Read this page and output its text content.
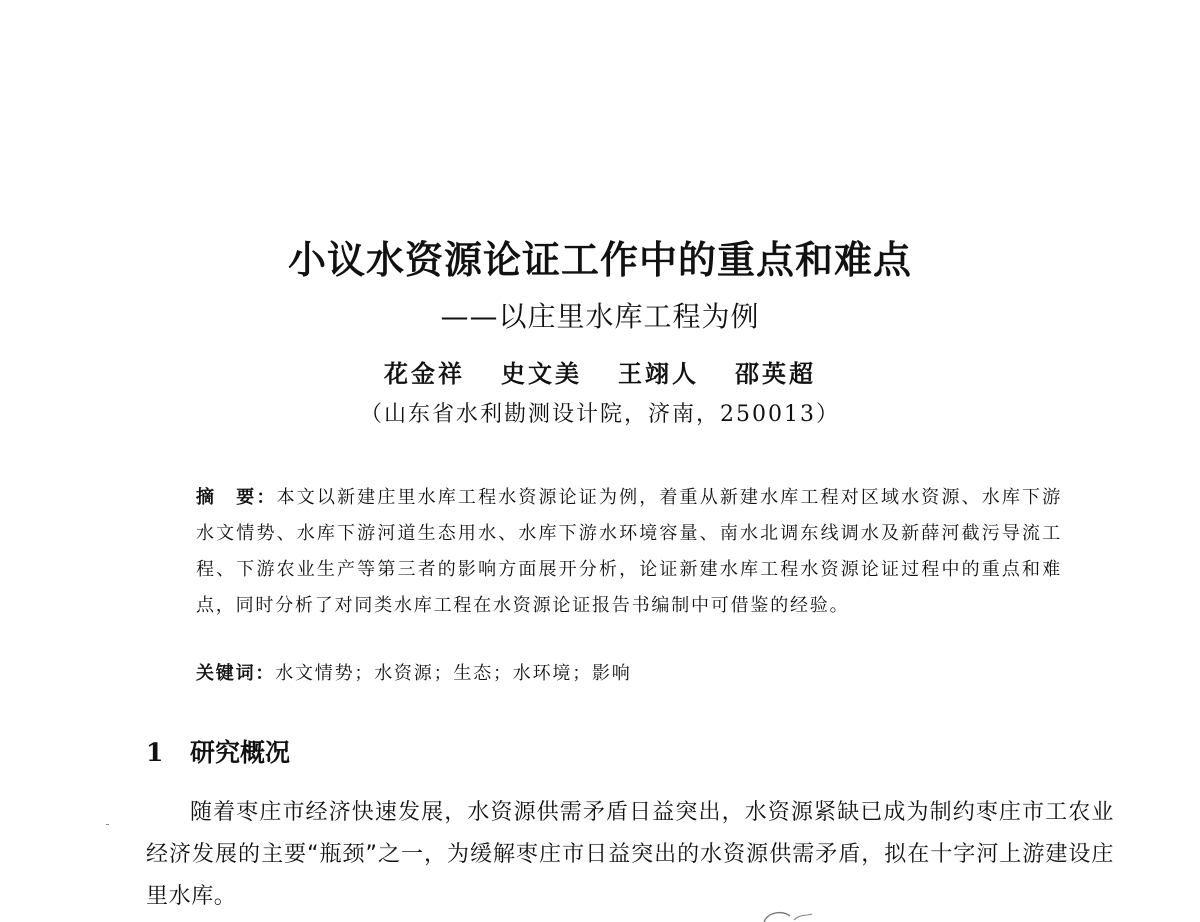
小议水资源论证工作中的重点和难点
——以庄里水库工程为例
花金祥 史文美 王翊人 邵英超
（山东省水利勘测设计院，济南，250013）
摘　要：本文以新建庄里水库工程水资源论证为例，着重从新建水库工程对区域水资源、水库下游水文情势、水库下游河道生态用水、水库下游水环境容量、南水北调东线调水及新薛河截污导流工程、下游农业生产等第三者的影响方面展开分析，论证新建水库工程水资源论证过程中的重点和难点，同时分析了对同类水库工程在水资源论证报告书编制中可借鉴的经验。
关键词：水文情势；水资源；生态；水环境；影响
1 研究概况
随着枣庄市经济快速发展，水资源供需矛盾日益突出，水资源紧缺已成为制约枣庄市工农业经济发展的主要“瓶颈”之一，为缓解枣庄市日益突出的水资源供需矛盾，拟在十字河上游建设庄里水库。
